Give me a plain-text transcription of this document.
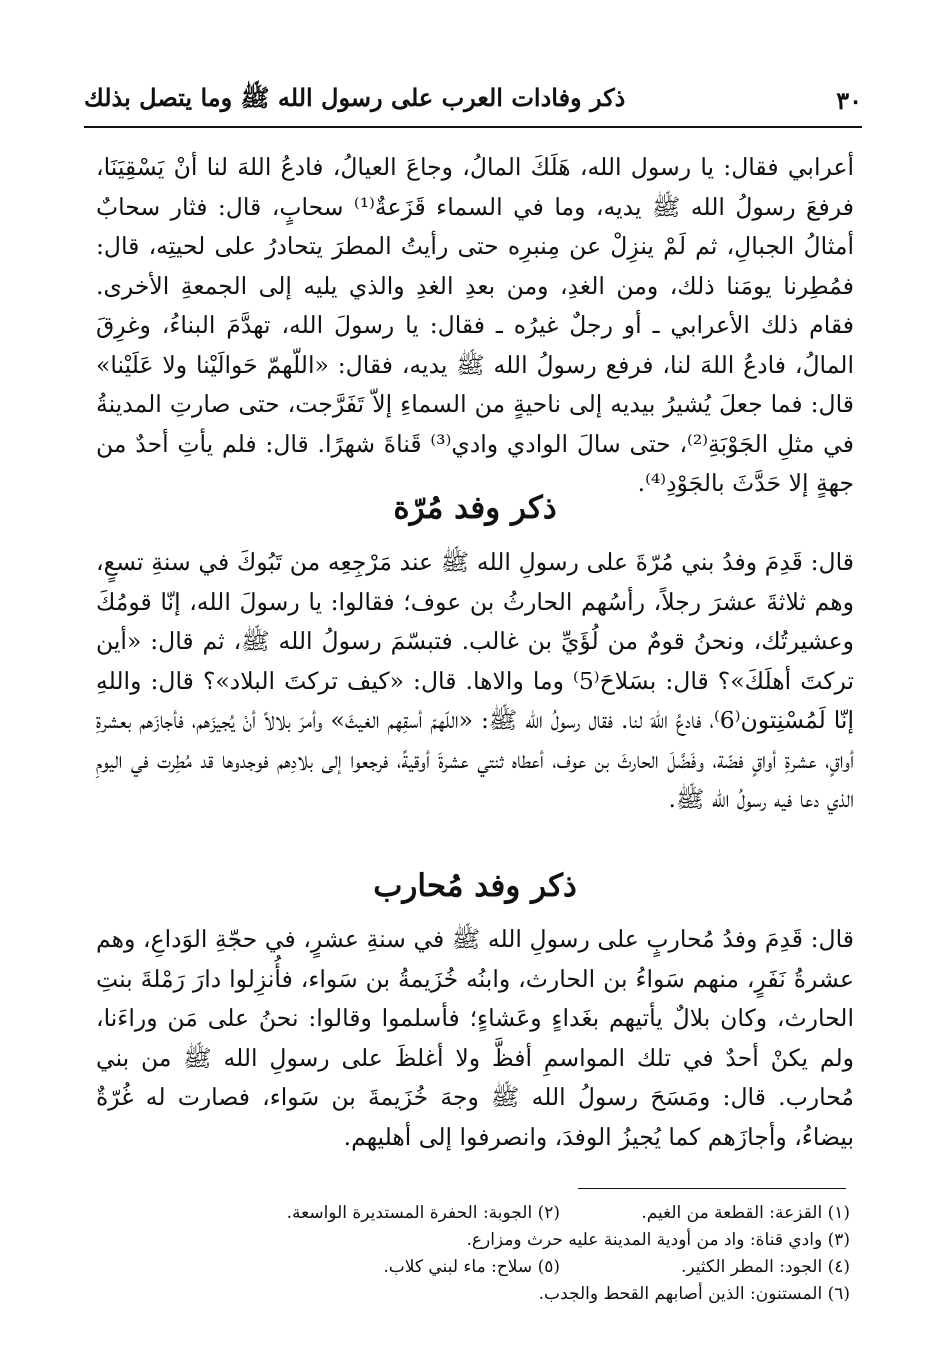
٣٠
ذكر وفادات العرب على رسول الله ﷺ وما يتصل بذلك

أعرابي فقال: يا رسول الله، هَلَكَ المالُ، وجاعَ العيالُ، فادعُ اللهَ لنا أنْ يَسْقِيَنَا، فرفعَ رسولُ الله ﷺ يديه، وما في السماء قَزَعةٌ⁽¹⁾ سحابٍ، قال: فثار سحابٌ أمثالُ الجبالِ، ثم لَمْ ينزِلْ عن مِنبرِه حتى رأيتُ المطرَ يتحادرُ على لحيتِه، قال: فمُطِرنا يومَنا ذلك، ومن الغدِ، ومن بعدِ الغدِ والذي يليه إلى الجمعةِ الأخرى. فقام ذلك الأعرابي ـ أو رجلٌ غيرُه ـ فقال: يا رسولَ الله، تهدَّمَ البناءُ، وغرِقَ المالُ، فادعُ اللهَ لنا، فرفع رسولُ الله ﷺ يديه، فقال: «اللّهمّ حَوالَيْنا ولا عَلَيْنا» قال: فما جعلَ يُشيرُ بيديه إلى ناحيةٍ من السماءِ إلاّ تَفَرَّجت، حتى صارتِ المدينةُ في مثلِ الجَوْبَةِ⁽²⁾، حتى سالَ الوادي وادي⁽³⁾ قَناةَ شهرًا. قال: فلم يأتِ أحدٌ من جهةٍ إلا حَدَّثَ بالجَوْدِ⁽⁴⁾.

ذكر وفد مُرّة

قال: قَدِمَ وفدُ بني مُرّةَ على رسولِ الله ﷺ عند مَرْجِعِه من تَبُوكَ في سنةِ تسعٍ، وهم ثلاثةَ عشرَ رجلاً، رأسُهم الحارثُ بن عوف؛ فقالوا: يا رسولَ الله، إنّا قومُكَ وعشيرتُك، ونحنُ قومٌ من لُؤَيِّ بن غالب. فتبسّمَ رسولُ الله ﷺ، ثم قال: «أين تركتَ أهلَكَ»؟ قال: بسَلاحَ⁽5⁾ وما والاها. قال: «كيف تركتَ البلاد»؟ قال: واللهِ إنّا لَمُسْنِتون⁽6⁾، فادعُ اللهَ لنا. فقال رسولُ الله ﷺ: «اللّهمّ أسقِهم الغيثَ» وأمرَ بلالاً أنْ يُجيزَهم، فأجازَهم بعشرةِ أواقٍ، عشرةِ أواقٍ فضّة، وفَضَّلَ الحارثَ بن عوف، أعطاه ثنتي عشرةَ أوقيةً، فرجعوا إلى بلادِهم فوجدوها قد مُطِرت في اليومِ الذي دعا فيه رسولُ الله ﷺ.

ذكر وفد مُحارب

قال: قَدِمَ وفدُ مُحاربٍ على رسولِ الله ﷺ في سنةِ عشرٍ، في حجّةِ الوَداعِ، وهم عشرةُ نَفَرٍ، منهم سَواءُ بن الحارث، وابنُه خُزَيمةُ بن سَواء، فأُنزِلوا دارَ رَمْلةَ بنتِ الحارث، وكان بلالٌ يأتيهم بغَداءٍ وعَشاءٍ؛ فأسلموا وقالوا: نحنُ على مَن وراءَنا، ولم يكنْ أحدٌ في تلك المواسمِ أفظَّ ولا أغلظَ على رسولِ الله ﷺ من بني مُحارب. قال: ومَسَحَ رسولُ الله ﷺ وجهَ خُزَيمةَ بن سَواء، فصارت له غُرّةٌ بيضاءُ، وأجازَهم كما يُجيزُ الوفدَ، وانصرفوا إلى أهليهم.

(١) القزعة: القطعة من الغيم.
(٢) الجوبة: الحفرة المستديرة الواسعة.
(٣) وادي قناة: واد من أودية المدينة عليه حرث ومزارع.
(٤) الجود: المطر الكثير.
(٥) سلاح: ماء لبني كلاب.
(٦) المستنون: الذين أصابهم القحط والجدب.
